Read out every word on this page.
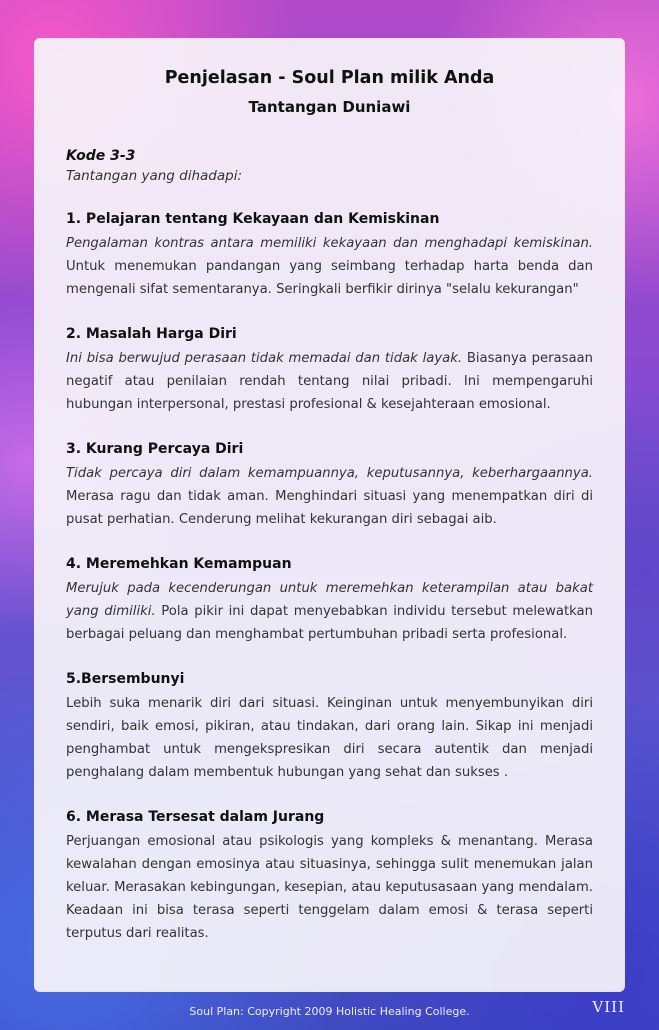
Penjelasan - Soul Plan milik Anda
Tantangan Duniawi
Kode 3-3
Tantangan yang dihadapi:
1. Pelajaran tentang Kekayaan dan Kemiskinan

Pengalaman kontras antara memiliki kekayaan dan menghadapi kemiskinan. Untuk menemukan pandangan yang seimbang terhadap harta benda dan mengenali sifat sementaranya. Seringkali berfikir dirinya "selalu kekurangan"

2. Masalah Harga Diri

Ini bisa berwujud perasaan tidak memadai dan tidak layak. Biasanya perasaan negatif atau penilaian rendah tentang nilai pribadi. Ini mempengaruhi hubungan interpersonal, prestasi profesional & kesejahteraan emosional.

3. Kurang Percaya Diri

Tidak percaya diri dalam kemampuannya, keputusannya, keberhargaannya. Merasa ragu dan tidak aman. Menghindari situasi yang menempatkan diri di pusat perhatian. Cenderung melihat kekurangan diri sebagai aib.

4. Meremehkan Kemampuan

Merujuk pada kecenderungan untuk meremehkan keterampilan atau bakat yang dimiliki. Pola pikir ini dapat menyebabkan individu tersebut melewatkan berbagai peluang dan menghambat pertumbuhan pribadi serta profesional.

5.Bersembunyi

Lebih suka menarik diri dari situasi. Keinginan untuk menyembunyikan diri sendiri, baik emosi, pikiran, atau tindakan, dari orang lain. Sikap ini menjadi penghambat untuk mengekspresikan diri secara autentik dan menjadi penghalang dalam membentuk hubungan yang sehat dan sukses .

6. Merasa Tersesat dalam Jurang

Perjuangan emosional atau psikologis yang kompleks & menantang. Merasa kewalahan dengan emosinya atau situasinya, sehingga sulit menemukan jalan keluar. Merasakan kebingungan, kesepian, atau keputusasaan yang mendalam. Keadaan ini bisa terasa seperti tenggelam dalam emosi & terasa seperti terputus dari realitas.

Soul Plan: Copyright 2009 Holistic Healing College.	VIII
